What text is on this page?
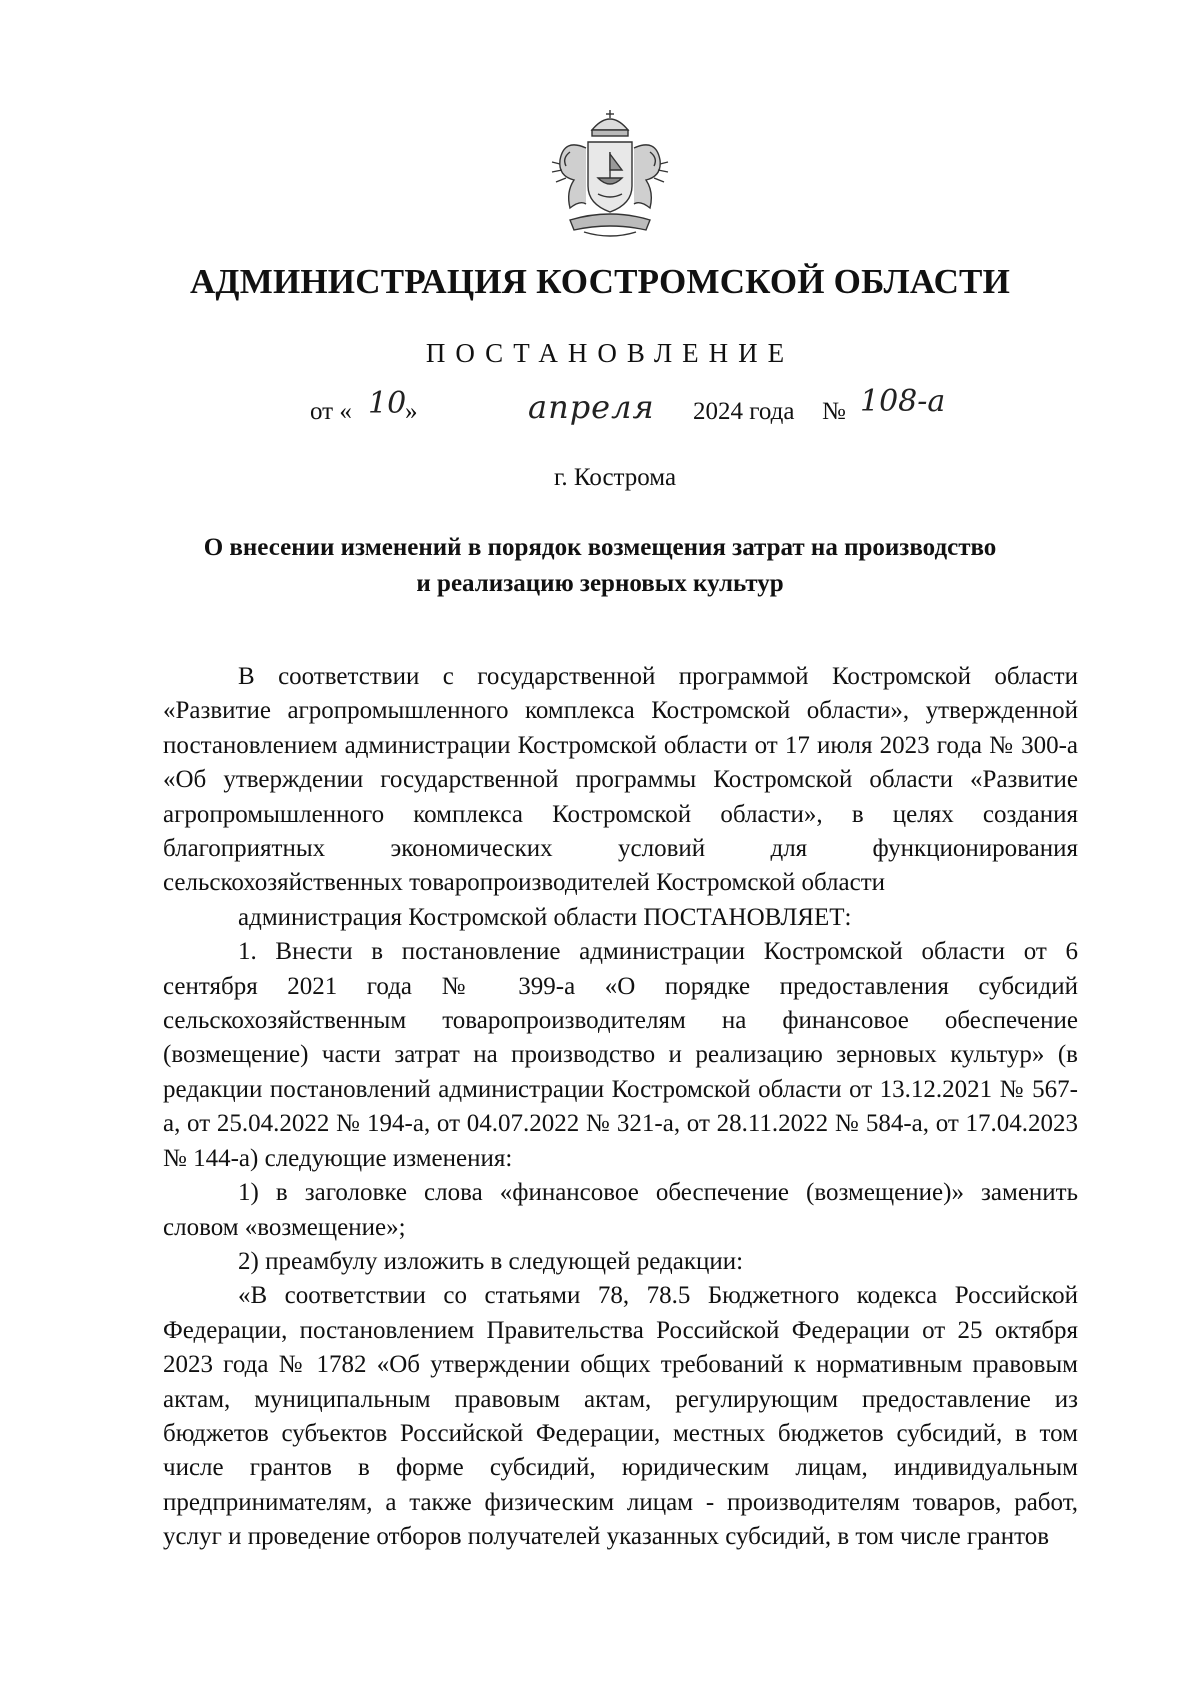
АДМИНИСТРАЦИЯ КОСТРОМСКОЙ ОБЛАСТИ
ПОСТАНОВЛЕНИЕ
от « 10
»	апреля 2024 года № 108-а
г. Кострома
О внесении изменений в порядок возмещения затрат на производство
и реализацию зерновых культур

В соответствии с государственной программой Костромской области «Развитие агропромышленного комплекса Костромской области», утвержденной постановлением администрации Костромской области от 17 июля 2023 года № 300-а «Об утверждении государственной программы Костромской области «Развитие агропромышленного комплекса Костромской области», в целях создания благоприятных экономических условий для функционирования сельскохозяйственных товаропроизводителей Костромской области

администрация Костромской области ПОСТАНОВЛЯЕТ:

1. Внести в постановление администрации Костромской области от 6 сентября 2021 года № 399-а «О порядке предоставления субсидий сельскохозяйственным товаропроизводителям на финансовое обеспечение (возмещение) части затрат на производство и реализацию зерновых культур» (в редакции постановлений администрации Костромской области от 13.12.2021 № 567-а, от 25.04.2022 № 194-а, от 04.07.2022 № 321-а, от 28.11.2022 № 584-а, от 17.04.2023 № 144-а) следующие изменения:

1) в заголовке слова «финансовое обеспечение (возмещение)» заменить словом «возмещение»;

2) преамбулу изложить в следующей редакции:

«В соответствии со статьями 78, 78.5 Бюджетного кодекса Российской Федерации, постановлением Правительства Российской Федерации от 25 октября 2023 года № 1782 «Об утверждении общих требований к нормативным правовым актам, муниципальным правовым актам, регулирующим предоставление из бюджетов субъектов Российской Федерации, местных бюджетов субсидий, в том числе грантов в форме субсидий, юридическим лицам, индивидуальным предпринимателям, а также физическим лицам - производителям товаров, работ, услуг и проведение отборов получателей указанных субсидий, в том числе грантов
